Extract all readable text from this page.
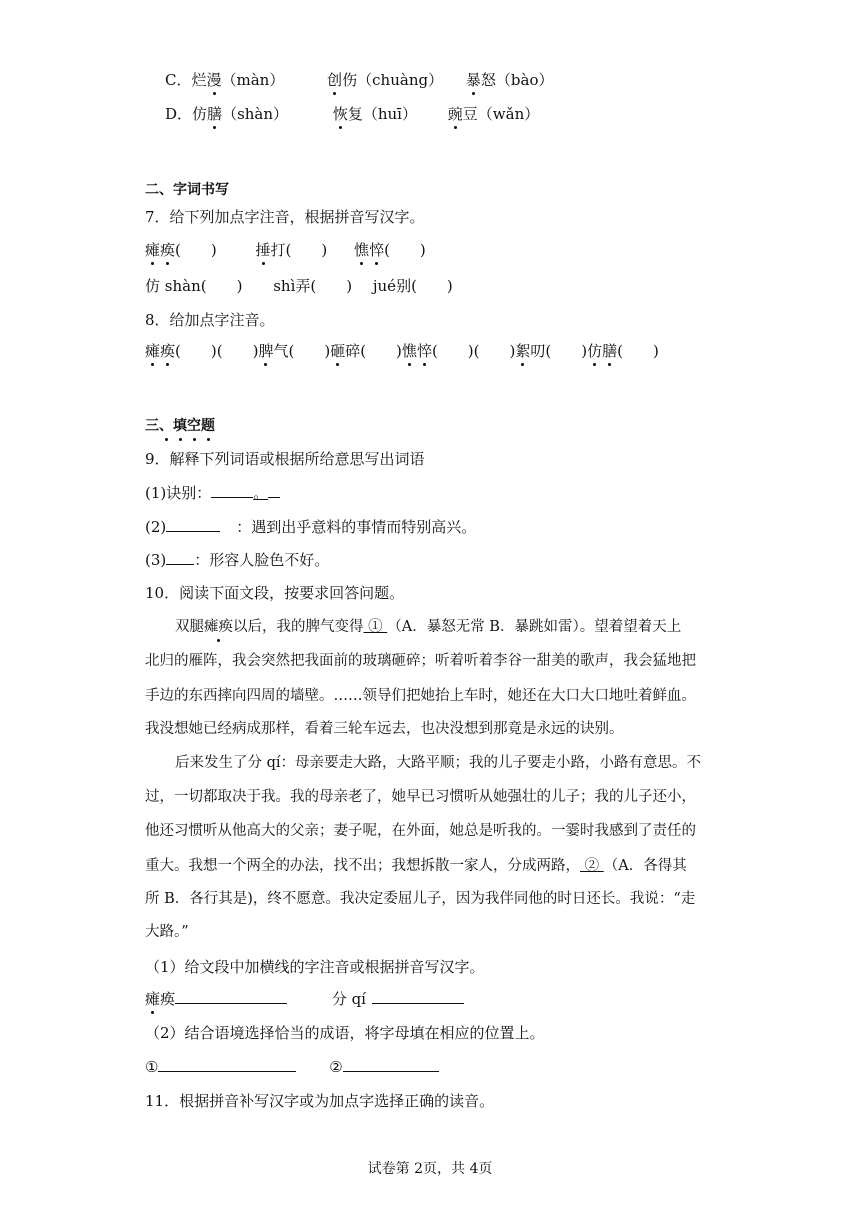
C．烂漫（màn）	创伤（chuàng） 暴怒（bào）
D．仿膳（shàn）	恢复（huī） 豌豆（wǎn）
二、字词书写
7．给下列加点字注音，根据拼音写汉字。
瘫痪(　　)	捶打(　　) 憔悴(　　)
仿 shàn(　　) shì弄(　　) jué别(　　)
8．给加点字注音。
瘫痪(　　)(　　)脾气(　　)砸碎(　　)憔悴(　　)(　　)絮叨(　　)仿膳(　　)
三、填空题
9．解释下列词语或根据所给意思写出词语
(1)诀别：	。
(2)	：遇到出乎意料的事情而特别高兴。
(3) ：形容人脸色不好。
10．阅读下面文段，按要求回答问题。
双腿瘫痪以后，我的脾气变得 ① （A．暴怒无常 B．暴跳如雷）。望着望着天上
北归的雁阵，我会突然把我面前的玻璃砸碎；听着听着李谷一甜美的歌声，我会猛地把
手边的东西摔向四周的墙壁。……领导们把她抬上车时，她还在大口大口地吐着鲜血。
我没想她已经病成那样，看着三轮车远去，也决没想到那竟是永远的诀别。
后来发生了分 qí：母亲要走大路，大路平顺；我的儿子要走小路，小路有意思。不
过，一切都取决于我。我的母亲老了，她早已习惯听从她强壮的儿子；我的儿子还小，
他还习惯听从他高大的父亲；妻子呢，在外面，她总是听我的。一霎时我感到了责任的
重大。我想一个两全的办法，找不出；我想拆散一家人，分成两路， ② （A．各得其
所 B．各行其是)，终不愿意。我决定委屈儿子，因为我伴同他的时日还长。我说：“走
大路。”
（1）给文段中加横线的字注音或根据拼音写汉字。
瘫痪	分 qí
（2）结合语境选择恰当的成语，将字母填在相应的位置上。
①	②
11．根据拼音补写汉字或为加点字选择正确的读音。
试卷第 2页，共 4页
